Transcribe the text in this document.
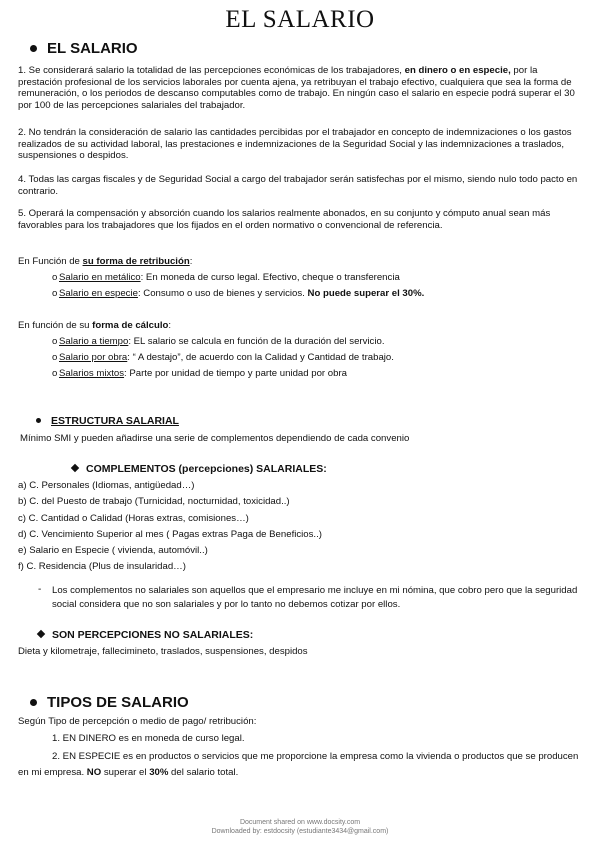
EL SALARIO
EL SALARIO
1. Se considerará salario la totalidad de las percepciones económicas de los trabajadores, en dinero o en especie, por la prestación profesional de los servicios laborales por cuenta ajena, ya retribuyan el trabajo efectivo, cualquiera que sea la forma de remuneración, o los periodos de descanso computables como de trabajo. En ningún caso el salario en especie podrá superar el 30 por 100 de las percepciones salariales del trabajador.
2. No tendrán la consideración de salario las cantidades percibidas por el trabajador en concepto de indemnizaciones o los gastos realizados de su actividad laboral, las prestaciones e indemnizaciones de la Seguridad Social y las indemnizaciones a traslados, suspensiones o despidos.
4. Todas las cargas fiscales y de Seguridad Social a cargo del trabajador serán satisfechas por el mismo, siendo nulo todo pacto en contrario.
5. Operará la compensación y absorción cuando los salarios realmente abonados, en su conjunto y cómputo anual sean más favorables para los trabajadores que los fijados en el orden normativo o convencional de referencia.
En Función de su forma de retribución:
o Salario en metálico: En moneda de curso legal. Efectivo, cheque o transferencia
o Salario en especie: Consumo o uso de bienes y servicios. No puede superar el 30%.
En función de su forma de cálculo:
o Salario a tiempo: EL salario se calcula en función de la duración del servicio.
o Salario por obra: “ A destajo”, de acuerdo con la Calidad y Cantidad de trabajo.
o Salarios mixtos: Parte por unidad de tiempo y parte unidad por obra
ESTRUCTURA SALARIAL
Mínimo SMI y pueden añadirse una serie de complementos dependiendo de cada convenio
COMPLEMENTOS (percepciones) SALARIALES:
a) C. Personales (Idiomas, antigüedad…)
b) C. del Puesto de trabajo (Turnicidad, nocturnidad, toxicidad..)
c) C. Cantidad o Calidad (Horas extras, comisiones…)
d) C. Vencimiento Superior al mes ( Pagas extras Paga de Beneficios..)
e) Salario en Especie ( vivienda, automóvil..)
f) C. Residencia (Plus de insularidad…)
- Los complementos no salariales son aquellos que el empresario me incluye en mi nómina, que cobro pero que la seguridad social considera que no son salariales y por lo tanto no debemos cotizar por ellos.
SON PERCEPCIONES NO SALARIALES:
Dieta y kilometraje, fallecimineto, traslados, suspensiones, despidos
TIPOS DE SALARIO
Según Tipo de percepción o medio de pago/ retribución:
1. EN DINERO es en moneda de curso legal.
2. EN ESPECIE es en productos o servicios que me proporcione la empresa como la vivienda o productos que se producen en mi empresa. NO superar el 30% del salario total.
Document shared on www.docsity.com
Downloaded by: estdocsity (estudiante3434@gmail.com)
